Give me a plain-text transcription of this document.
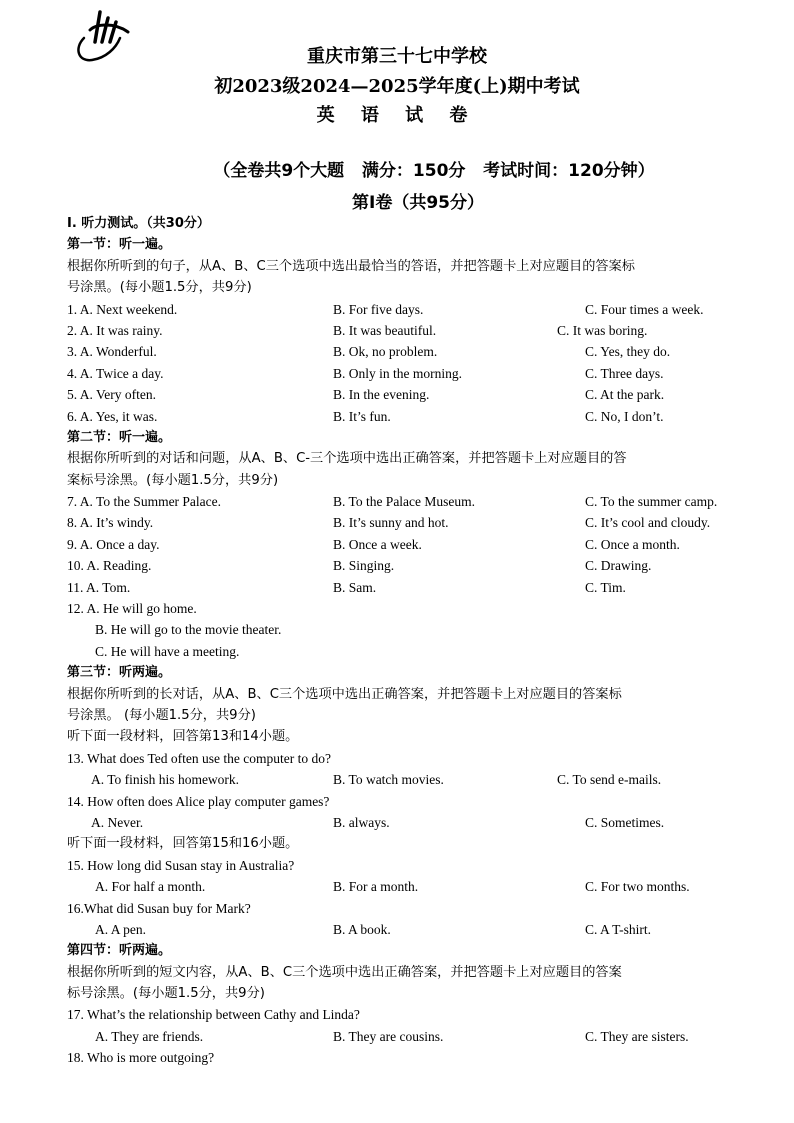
重庆市第三十七中学校
初2023级2024—2025学年度(上)期中考试
英 语 试 卷
（全卷共9个大题   满分：150分   考试时间：120分钟）
第Ⅰ卷（共95分）
I. 听力测试。（共30分）
第一节：听一遍。
根据你所听到的句子，从A、B、C三个选项中选出最恰当的答语，并把答题卡上对应题目的答案标
号涂黑。(每小题1.5分，共9分)
1. A. Next weekend.	B. For five days.	C. Four times a week.
2. A. It was rainy.	B. It was beautiful.	C. It was boring.
3. A. Wonderful.	B. Ok, no problem.	C. Yes, they do.
4. A. Twice a day.	B. Only in the morning.	C. Three days.
5. A. Very often.	B. In the evening.	C. At the park.
6. A. Yes, it was.	B. It’s fun.	C. No, I don’t.
第二节：听一遍。
根据你所听到的对话和问题，从A、B、C-三个选项中选出正确答案，并把答题卡上对应题目的答
案标号涂黑。(每小题1.5分，共9分)
7. A. To the Summer Palace.	B. To the Palace Museum.	C. To the summer camp.
8. A. It’s windy.	B. It’s sunny and hot.	C. It’s cool and cloudy.
9. A. Once a day.	B. Once a week.	C. Once a month.
10. A. Reading.	B. Singing.	C. Drawing.
11. A. Tom.	B. Sam.	C. Tim.
12. A. He will go home.
B. He will go to the movie theater.
C. He will have a meeting.
第三节：听两遍。
根据你所听到的长对话，从A、B、C三个选项中选出正确答案，并把答题卡上对应题目的答案标
号涂黑。 (每小题1.5分，共9分)
听下面一段材料，回答第13和14小题。
13. What does Ted often use the computer to do?
A. To finish his homework.	B. To watch movies.	C. To send e-mails.
14. How often does Alice play computer games?
A. Never.	B. always.	C. Sometimes.
听下面一段材料，回答第15和16小题。
15. How long did Susan stay in Australia?
A. For half a month.	B. For a month.	C. For two months.
16.What did Susan buy for Mark?
A. A pen.	B. A book.	C. A T-shirt.
第四节：听两遍。
根据你所听到的短文内容，从A、B、C三个选项中选出正确答案，并把答题卡上对应题目的答案
标号涂黑。(每小题1.5分，共9分)
17. What’s the relationship between Cathy and Linda?
A. They are friends.	B. They are cousins.	C. They are sisters.
18. Who is more outgoing?
